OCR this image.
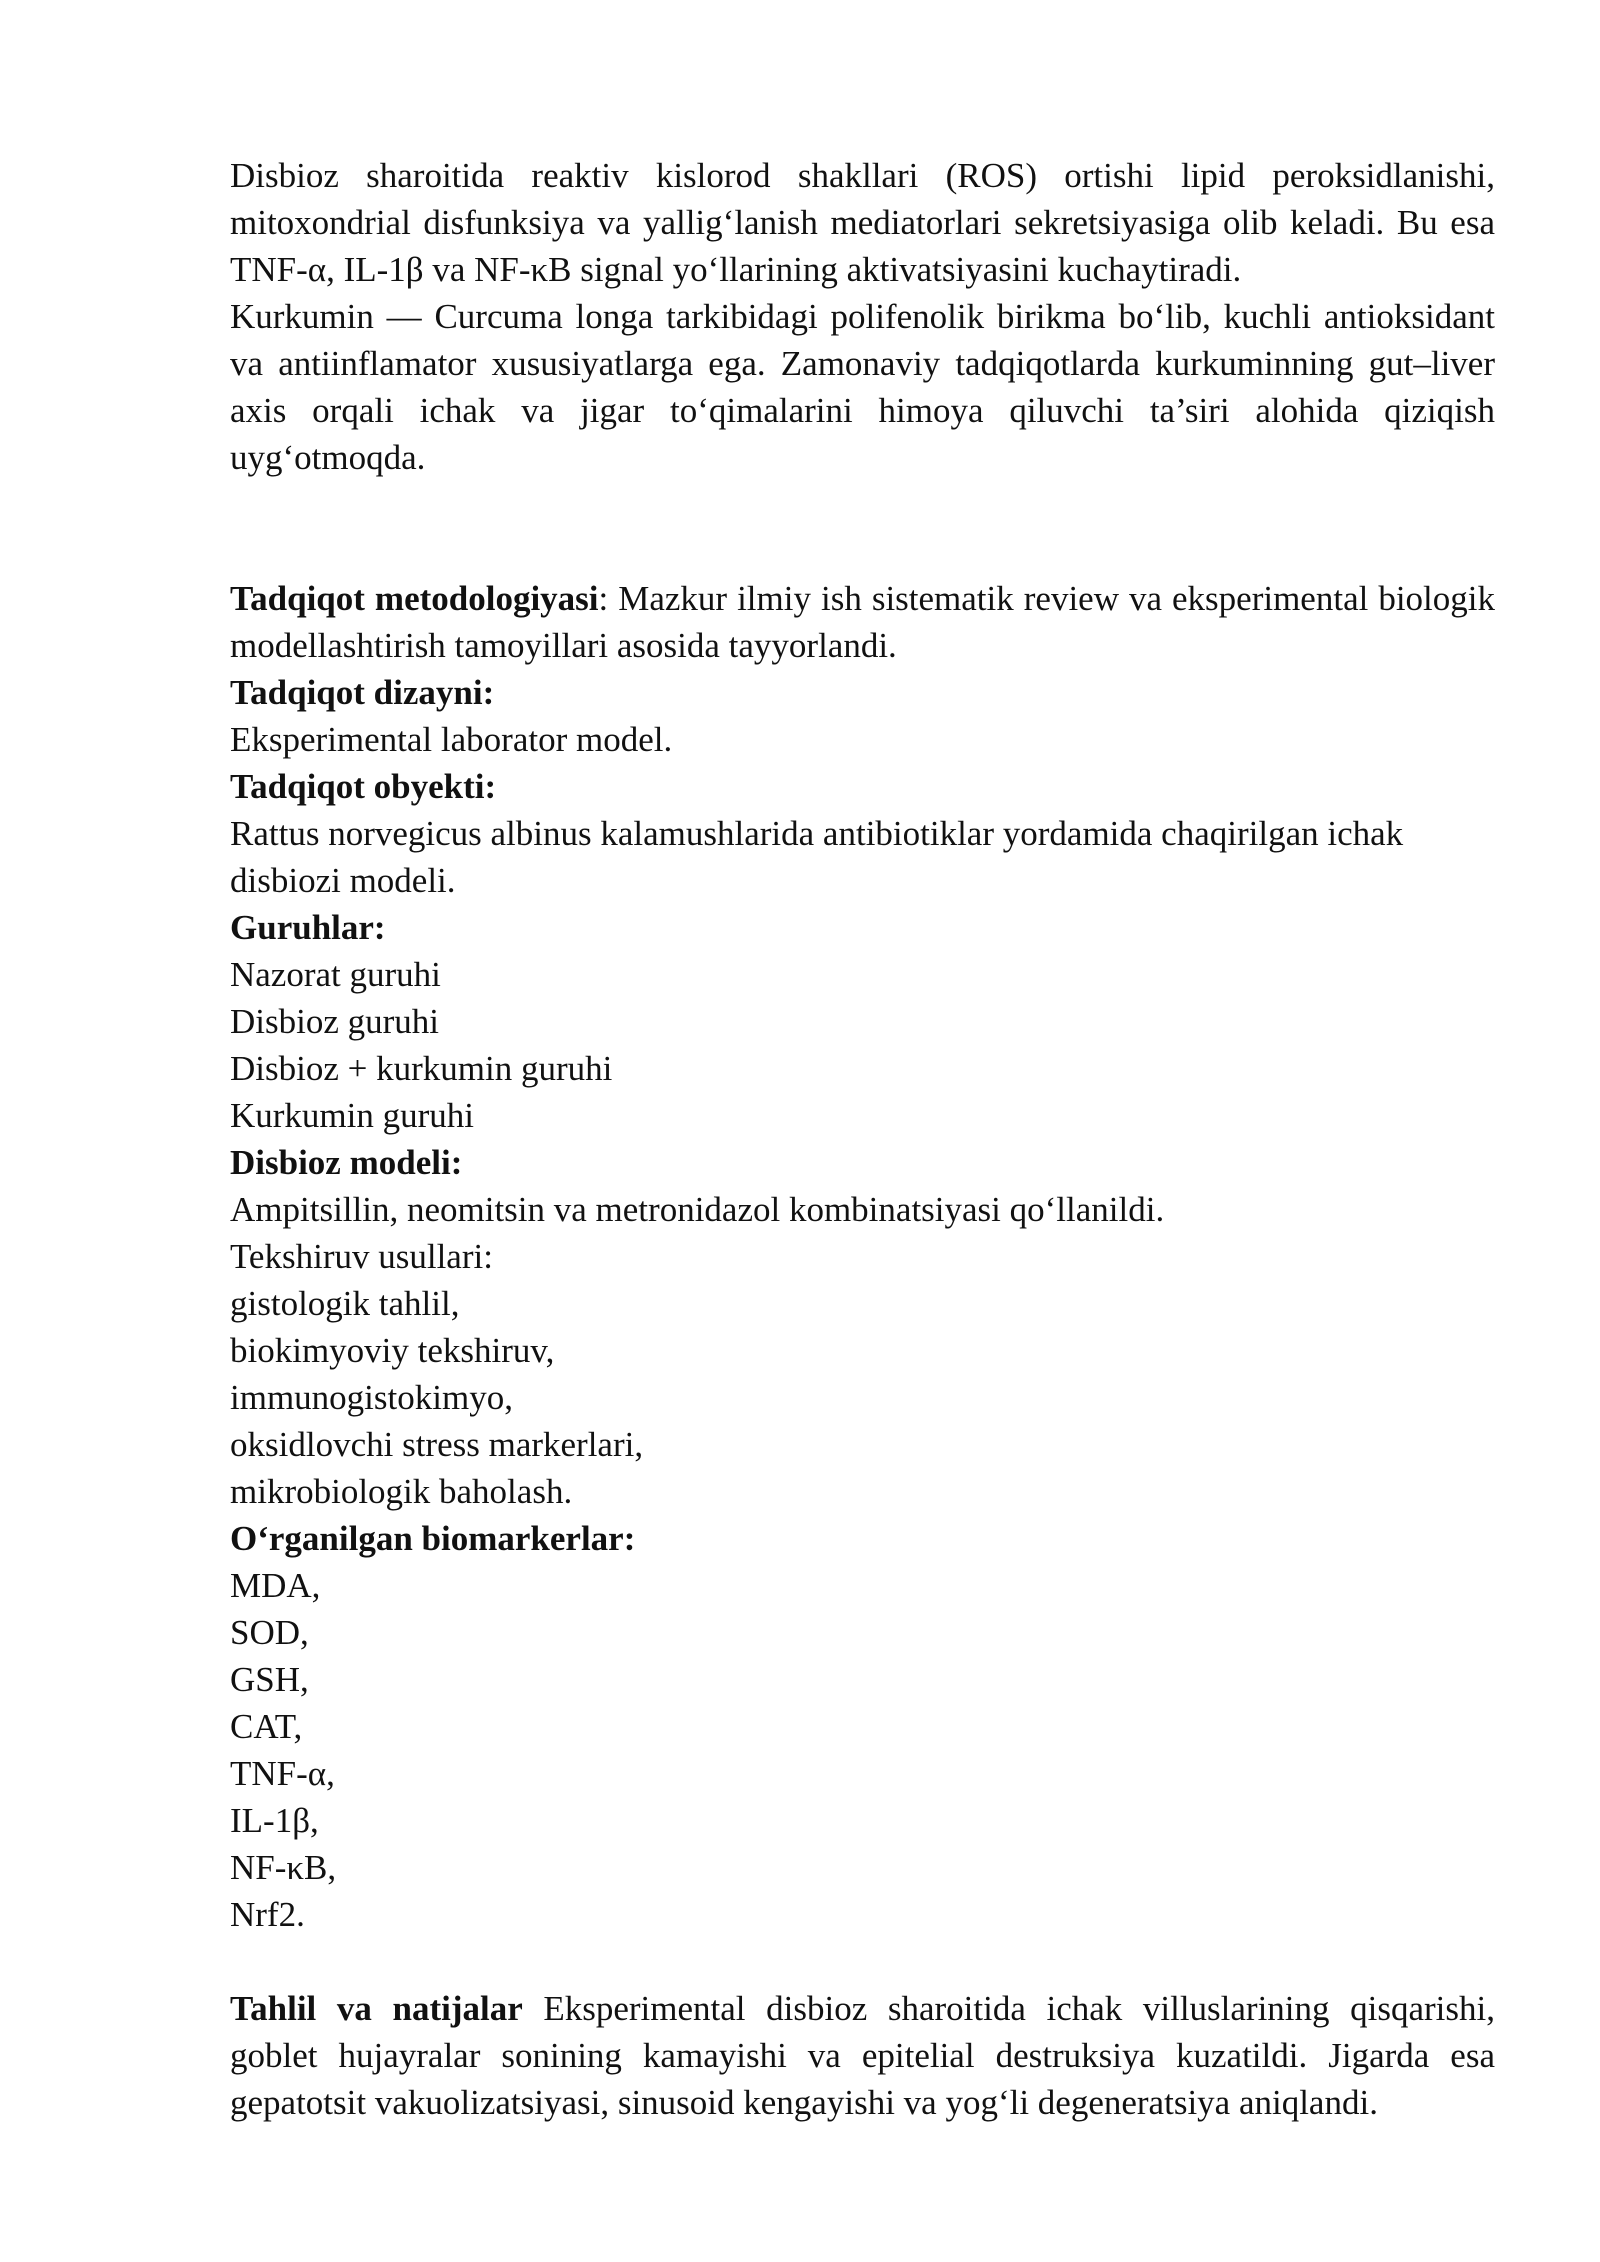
Disbioz sharoitida reaktiv kislorod shakllari (ROS) ortishi lipid peroksidlanishi, mitoxondrial disfunksiya va yallig‘lanish mediatorlari sekretsiyasiga olib keladi. Bu esa TNF-α, IL-1β va NF-κB signal yo‘llarining aktivatsiyasini kuchaytiradi.

Kurkumin — Curcuma longa tarkibidagi polifenolik birikma bo‘lib, kuchli antioksidant va antiinflamator xususiyatlarga ega. Zamonaviy tadqiqotlarda kurkuminning gut–liver axis orqali ichak va jigar to‘qimalarini himoya qiluvchi ta’siri alohida qiziqish uyg‘otmoqda.

Tadqiqot metodologiyasi: Mazkur ilmiy ish sistematik review va eksperimental biologik modellashtirish tamoyillari asosida tayyorlandi.

Tadqiqot dizayni:

Eksperimental laborator model.

Tadqiqot obyekti:

Rattus norvegicus albinus kalamushlarida antibiotiklar yordamida chaqirilgan ichak disbiozi modeli.

Guruhlar:

Nazorat guruhi

Disbioz guruhi

Disbioz + kurkumin guruhi

Kurkumin guruhi

Disbioz modeli:

Ampitsillin, neomitsin va metronidazol kombinatsiyasi qo‘llanildi.

Tekshiruv usullari:

gistologik tahlil,

biokimyoviy tekshiruv,

immunogistokimyo,

oksidlovchi stress markerlari,

mikrobiologik baholash.

O‘rganilgan biomarkerlar:

MDA,

SOD,

GSH,

CAT,

TNF-α,

IL-1β,

NF-κB,

Nrf2.

Tahlil va natijalar Eksperimental disbioz sharoitida ichak villuslarining qisqarishi, goblet hujayralar sonining kamayishi va epitelial destruksiya kuzatildi. Jigarda esa gepatotsit vakuolizatsiyasi, sinusoid kengayishi va yog‘li degeneratsiya aniqlandi.
